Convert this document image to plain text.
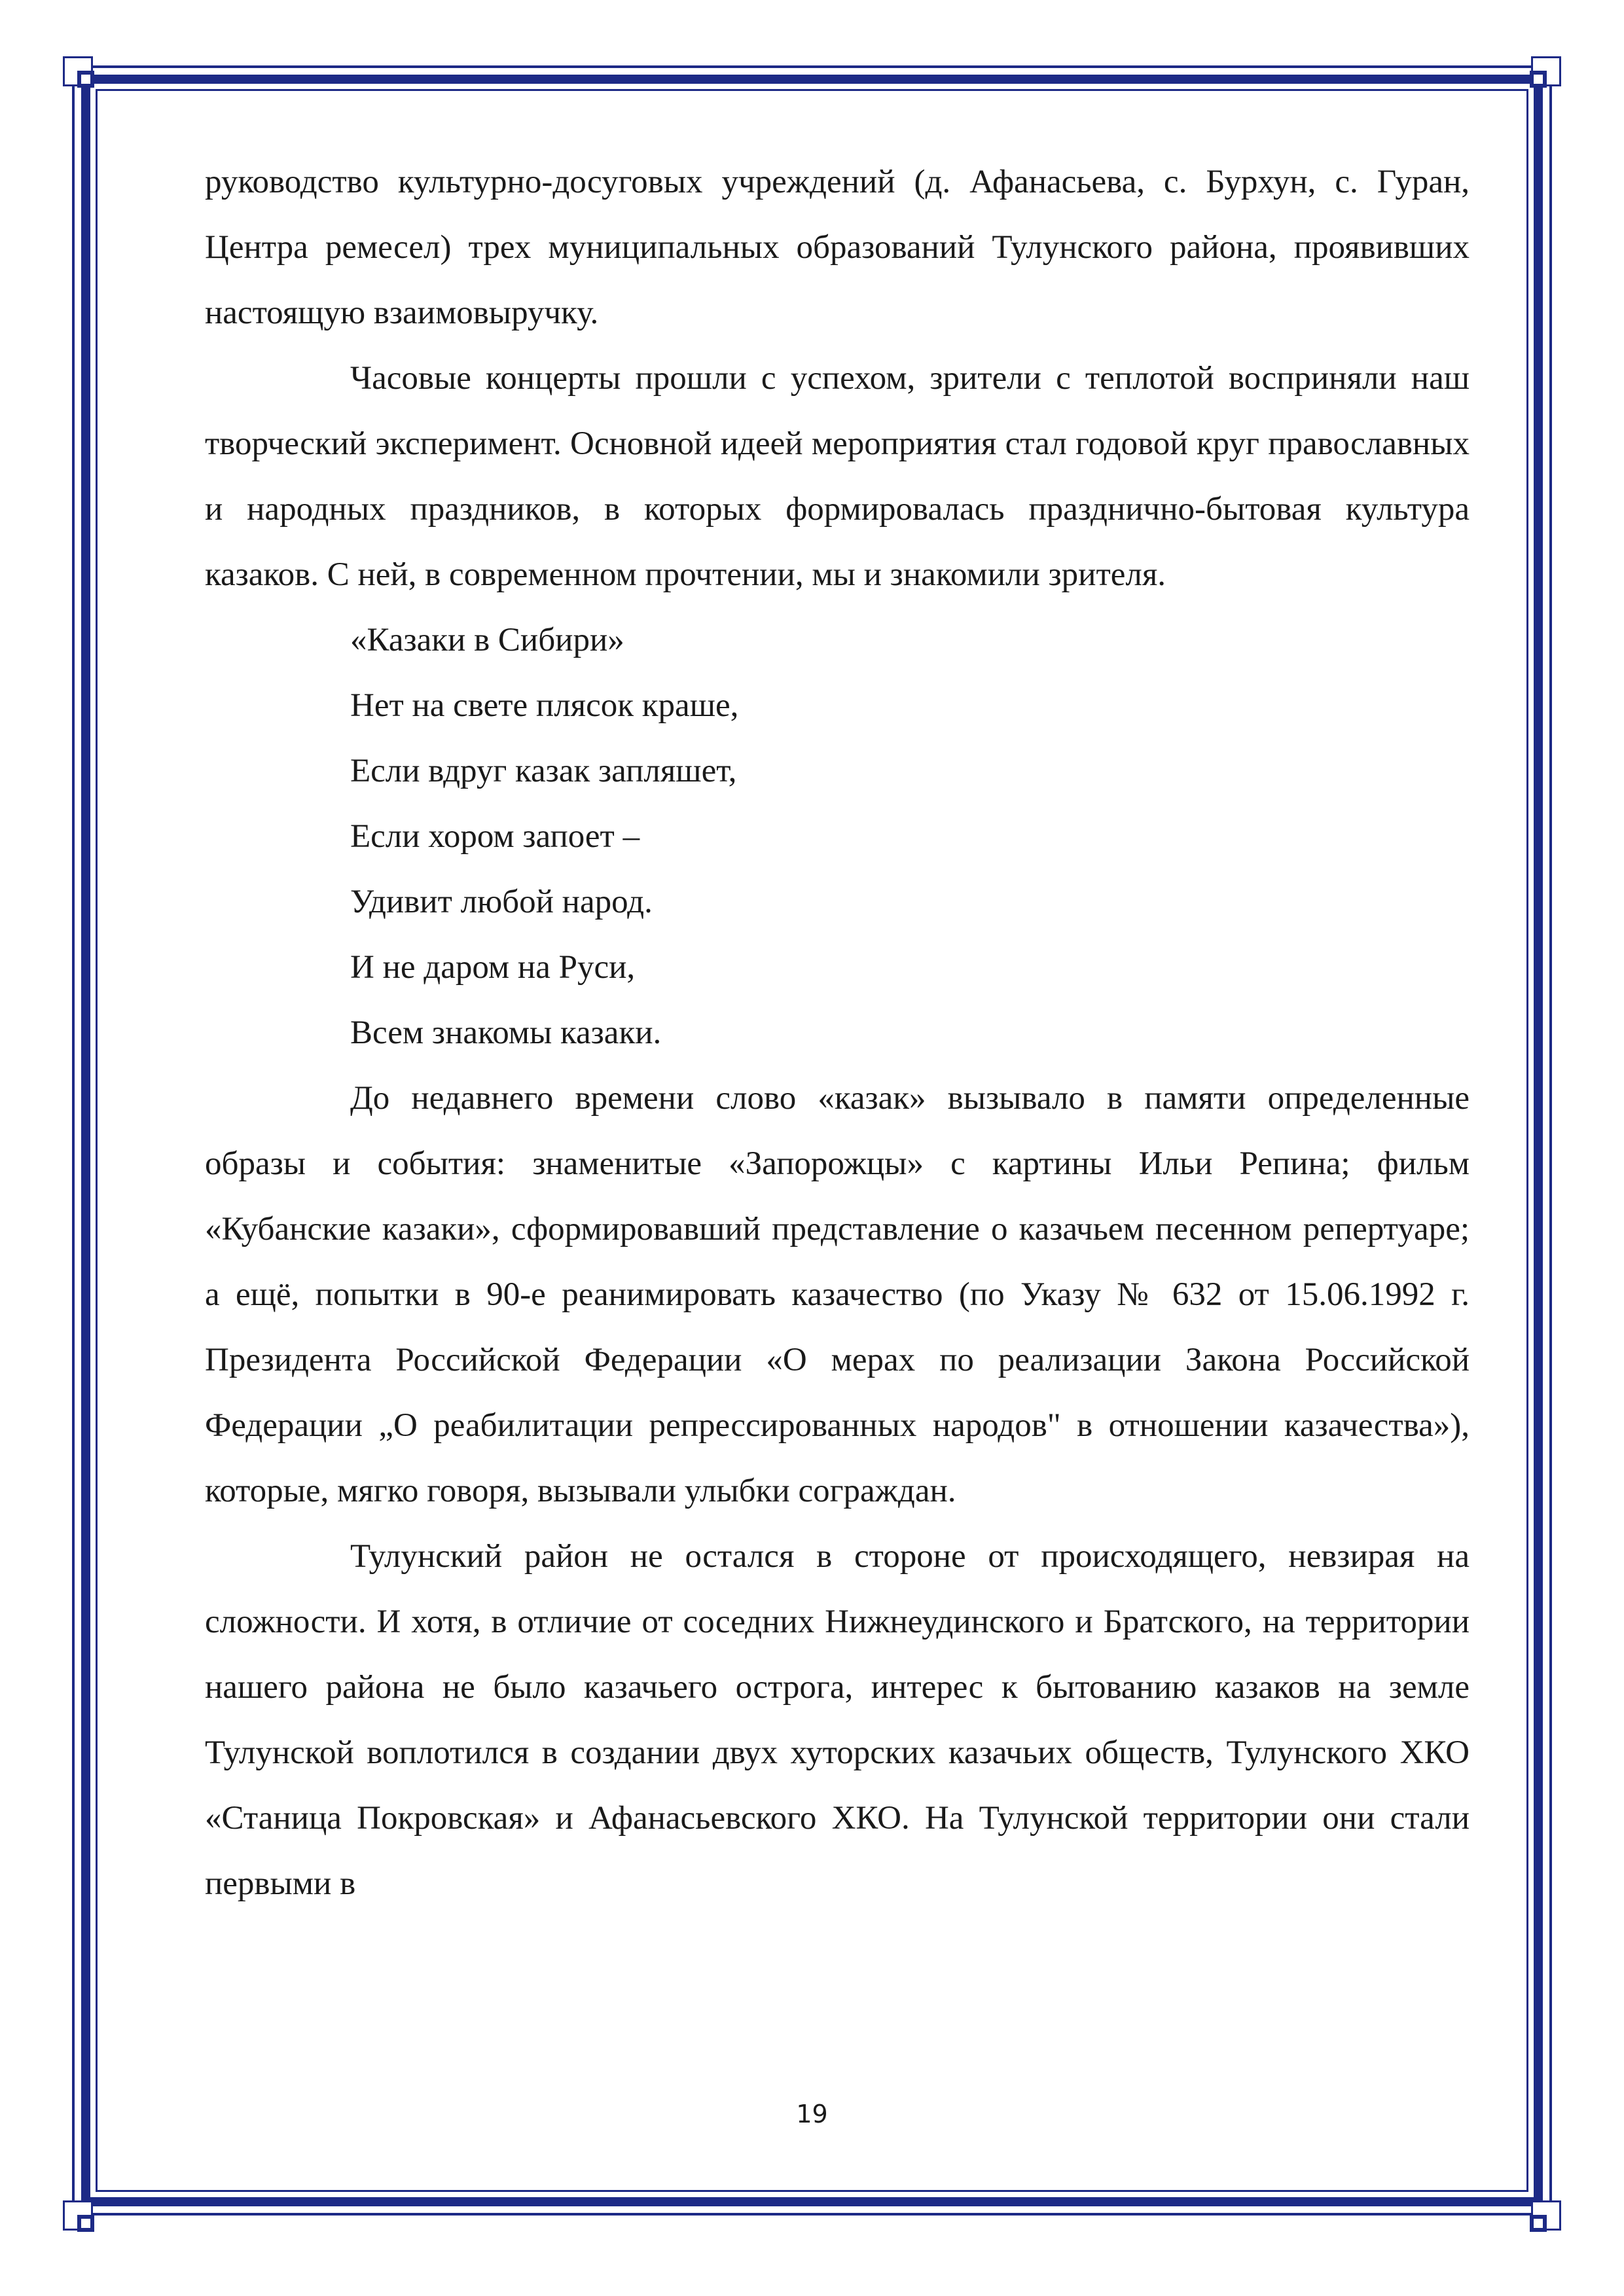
руководство культурно-досуговых учреждений (д. Афанасьева, с. Бурхун, с. Гуран, Центра ремесел) трех муниципальных образований Тулунского района, проявивших настоящую взаимовыручку.

Часовые концерты прошли с успехом, зрители с теплотой восприняли наш творческий эксперимент. Основной идеей мероприятия стал годовой круг православных и народных праздников, в которых формировалась празднично-бытовая культура казаков. С ней, в современном прочтении, мы и знакомили зрителя.

«Казаки в Сибири»

Нет на свете плясок краше,

Если вдруг казак запляшет,

Если хором запоет –

Удивит любой народ.

И не даром на Руси,

Всем знакомы казаки.

До недавнего времени слово «казак» вызывало в памяти определенные образы и события: знаменитые «Запорожцы» с картины Ильи Репина; фильм «Кубанские казаки», сформировавший представление о казачьем песенном репертуаре; а ещё, попытки в 90-е реанимировать казачество (по Указу № 632 от 15.06.1992 г. Президента Российской Федерации «О мерах по реализации Закона Российской Федерации „О реабилитации репрессированных народов" в отношении казачества»), которые, мягко говоря, вызывали улыбки сограждан.

Тулунский район не остался в стороне от происходящего, невзирая на сложности. И хотя, в отличие от соседних Нижнеудинского и Братского, на территории нашего района не было казачьего острога, интерес к бытованию казаков на земле Тулунской воплотился в создании двух хуторских казачьих обществ, Тулунского ХКО «Станица Покровская» и Афанасьевского ХКО. На Тулунской территории они стали первыми в

19
